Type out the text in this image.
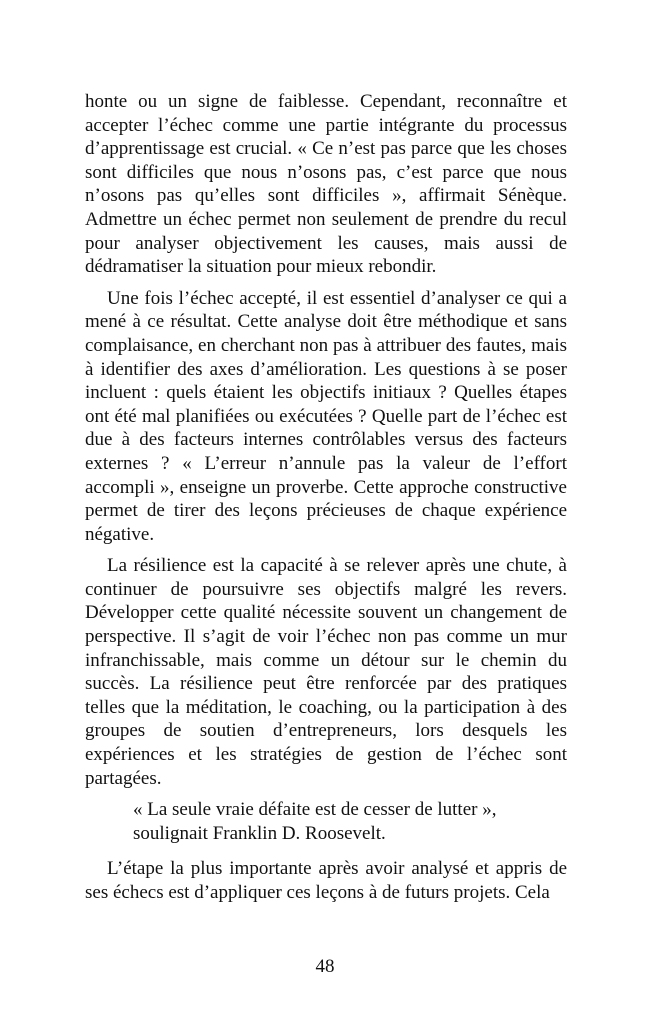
honte ou un signe de faiblesse. Cependant, reconnaître et accepter l’échec comme une partie intégrante du processus d’apprentissage est crucial. « Ce n’est pas parce que les choses sont difficiles que nous n’osons pas, c’est parce que nous n’osons pas qu’elles sont difficiles », affirmait Sénèque. Admettre un échec permet non seulement de prendre du recul pour analyser objectivement les causes, mais aussi de dédramatiser la situation pour mieux rebondir.

Une fois l’échec accepté, il est essentiel d’analyser ce qui a mené à ce résultat. Cette analyse doit être méthodique et sans complaisance, en cherchant non pas à attribuer des fautes, mais à identifier des axes d’amélioration. Les questions à se poser incluent : quels étaient les objectifs initiaux ? Quelles étapes ont été mal planifiées ou exécutées ? Quelle part de l’échec est due à des facteurs internes contrôlables versus des facteurs externes ? « L’erreur n’annule pas la valeur de l’effort accompli », enseigne un proverbe. Cette approche constructive permet de tirer des leçons précieuses de chaque expérience négative.

La résilience est la capacité à se relever après une chute, à continuer de poursuivre ses objectifs malgré les revers. Développer cette qualité nécessite souvent un changement de perspective. Il s’agit de voir l’échec non pas comme un mur infranchissable, mais comme un détour sur le chemin du succès. La résilience peut être renforcée par des pratiques telles que la méditation, le coaching, ou la participation à des groupes de soutien d’entrepreneurs, lors desquels les expériences et les stratégies de gestion de l’échec sont partagées.

« La seule vraie défaite est de cesser de lutter »,
soulignait Franklin D. Roosevelt.

L’étape la plus importante après avoir analysé et appris de ses échecs est d’appliquer ces leçons à de futurs projets. Cela

48
